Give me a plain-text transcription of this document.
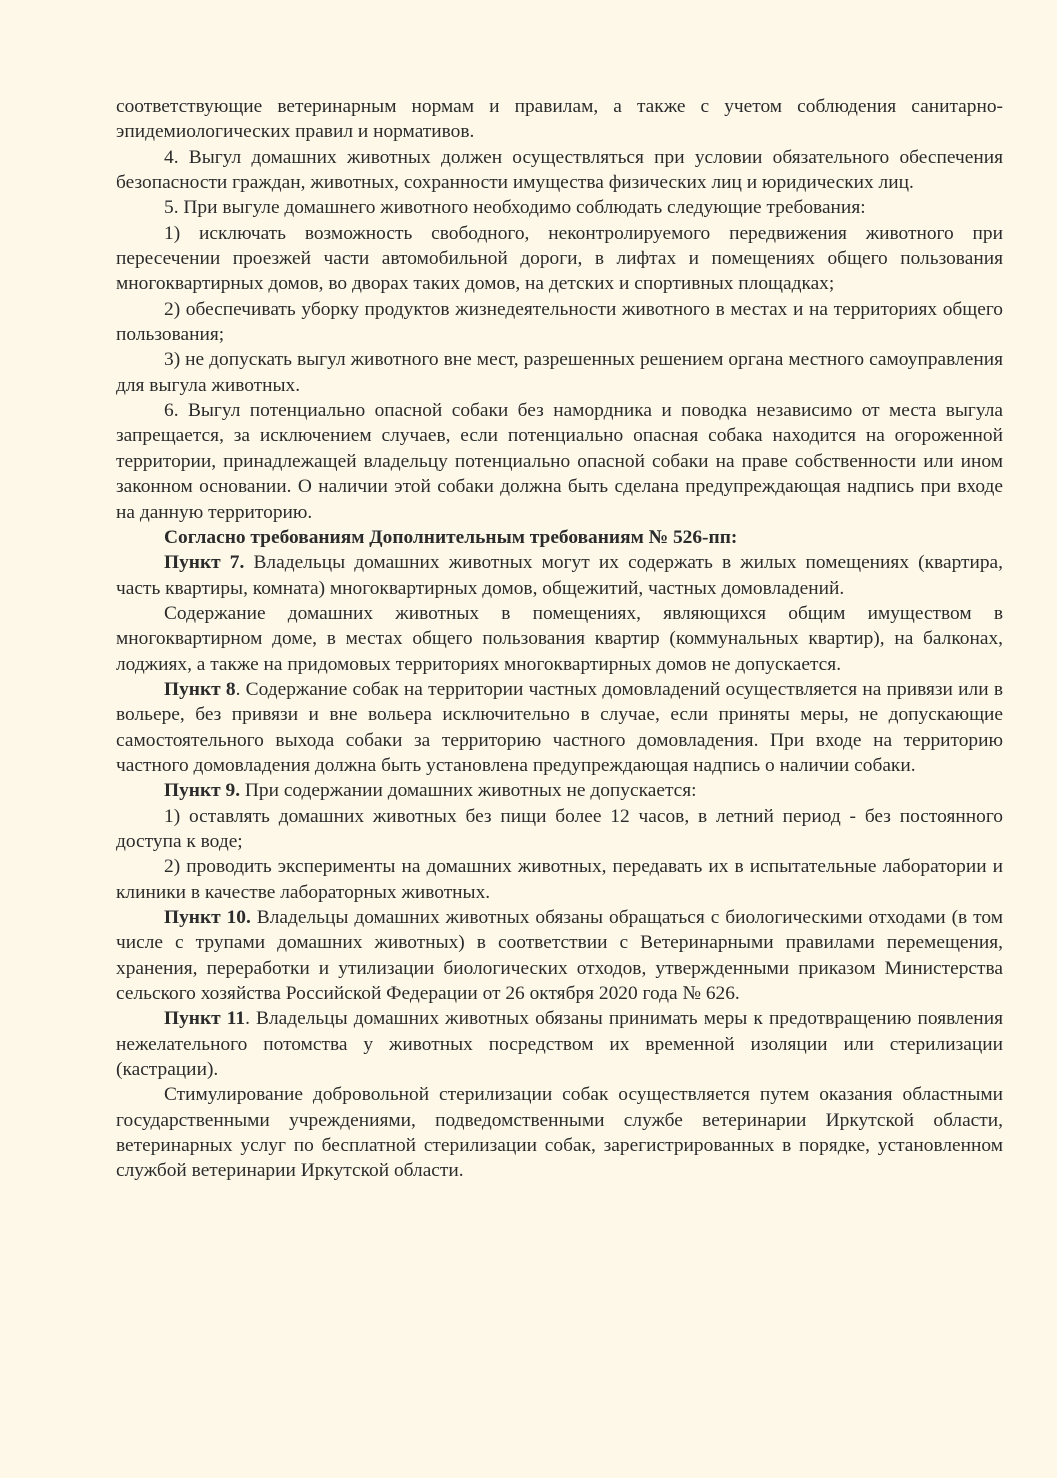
соответствующие ветеринарным нормам и правилам, а также с учетом соблюдения санитарно-эпидемиологических правил и нормативов.

4. Выгул домашних животных должен осуществляться при условии обязательного обеспечения безопасности граждан, животных, сохранности имущества физических лиц и юридических лиц.

5. При выгуле домашнего животного необходимо соблюдать следующие требования:

1) исключать возможность свободного, неконтролируемого передвижения животного при пересечении проезжей части автомобильной дороги, в лифтах и помещениях общего пользования многоквартирных домов, во дворах таких домов, на детских и спортивных площадках;

2) обеспечивать уборку продуктов жизнедеятельности животного в местах и на территориях общего пользования;

3) не допускать выгул животного вне мест, разрешенных решением органа местного самоуправления для выгула животных.

6. Выгул потенциально опасной собаки без намордника и поводка независимо от места выгула запрещается, за исключением случаев, если потенциально опасная собака находится на огороженной территории, принадлежащей владельцу потенциально опасной собаки на праве собственности или ином законном основании. О наличии этой собаки должна быть сделана предупреждающая надпись при входе на данную территорию.

Согласно требованиям Дополнительным требованиям № 526-пп:

Пункт 7. Владельцы домашних животных могут их содержать в жилых помещениях (квартира, часть квартиры, комната) многоквартирных домов, общежитий, частных домовладений.

Содержание домашних животных в помещениях, являющихся общим имуществом в многоквартирном доме, в местах общего пользования квартир (коммунальных квартир), на балконах, лоджиях, а также на придомовых территориях многоквартирных домов не допускается.

Пункт 8. Содержание собак на территории частных домовладений осуществляется на привязи или в вольере, без привязи и вне вольера исключительно в случае, если приняты меры, не допускающие самостоятельного выхода собаки за территорию частного домовладения. При входе на территорию частного домовладения должна быть установлена предупреждающая надпись о наличии собаки.

Пункт 9. При содержании домашних животных не допускается:

1) оставлять домашних животных без пищи более 12 часов, в летний период - без постоянного доступа к воде;

2) проводить эксперименты на домашних животных, передавать их в испытательные лаборатории и клиники в качестве лабораторных животных.

Пункт 10. Владельцы домашних животных обязаны обращаться с биологическими отходами (в том числе с трупами домашних животных) в соответствии с Ветеринарными правилами перемещения, хранения, переработки и утилизации биологических отходов, утвержденными приказом Министерства сельского хозяйства Российской Федерации от 26 октября 2020 года № 626.

Пункт 11. Владельцы домашних животных обязаны принимать меры к предотвращению появления нежелательного потомства у животных посредством их временной изоляции или стерилизации (кастрации).

Стимулирование добровольной стерилизации собак осуществляется путем оказания областными государственными учреждениями, подведомственными службе ветеринарии Иркутской области, ветеринарных услуг по бесплатной стерилизации собак, зарегистрированных в порядке, установленном службой ветеринарии Иркутской области.
